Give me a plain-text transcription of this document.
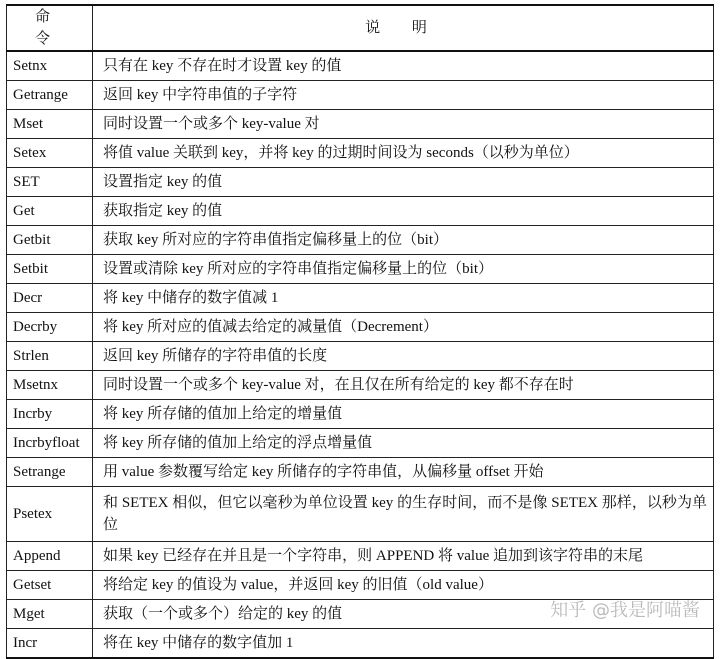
命 令	说 明
Setnx	只有在 key 不存在时才设置 key 的值
Getrange	返回 key 中字符串值的子字符
Mset	同时设置一个或多个 key-value 对
Setex	将值 value 关联到 key，并将 key 的过期时间设为 seconds（以秒为单位）
SET	设置指定 key 的值
Get	获取指定 key 的值
Getbit	获取 key 所对应的字符串值指定偏移量上的位（bit）
Setbit	设置或清除 key 所对应的字符串值指定偏移量上的位（bit）
Decr	将 key 中储存的数字值减 1
Decrby	将 key 所对应的值减去给定的减量值（Decrement）
Strlen	返回 key 所储存的字符串值的长度
Msetnx	同时设置一个或多个 key-value 对，在且仅在所有给定的 key 都不存在时
Incrby	将 key 所存储的值加上给定的增量值
Incrbyfloat	将 key 所存储的值加上给定的浮点增量值
Setrange	用 value 参数覆写给定 key 所储存的字符串值，从偏移量 offset 开始
Psetex	和 SETEX 相似，但它以毫秒为单位设置 key 的生存时间，而不是像 SETEX 那样，以秒为单位
Append	如果 key 已经存在并且是一个字符串，则 APPEND 将 value 追加到该字符串的末尾
Getset	将给定 key 的值设为 value，并返回 key 的旧值（old value）
Mget	获取（一个或多个）给定的 key 的值
Incr	将在 key 中储存的数字值加 1
知乎 @我是阿喵酱
